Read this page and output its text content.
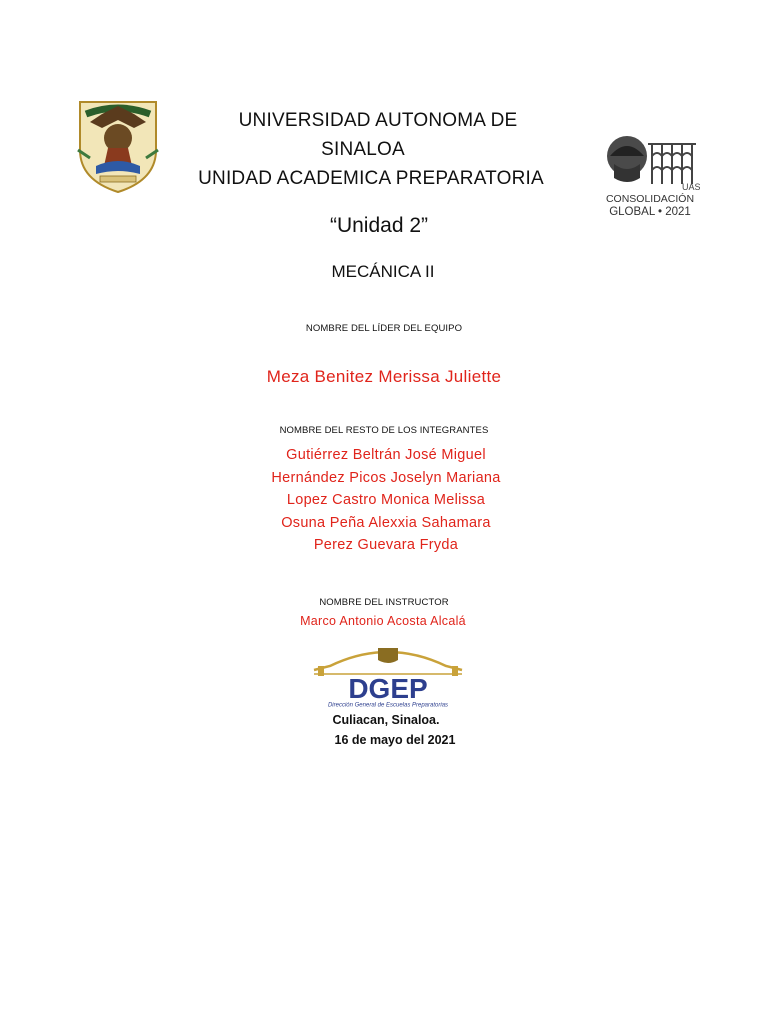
UNIVERSIDAD AUTONOMA DE
SINALOA
UNIDAD ACADEMICA PREPARATORIA	UAS
CONSOLIDACIÓN
GLOBAL • 2021
“Unidad 2”
MECÁNICA II
NOMBRE DEL LÍDER DEL EQUIPO
Meza Benitez Merissa Juliette
NOMBRE DEL RESTO DE LOS INTEGRANTES
Gutiérrez Beltrán José Miguel
Hernández Picos Joselyn Mariana
Lopez Castro Monica Melissa
Osuna Peña Alexxia Sahamara
Perez Guevara Fryda
NOMBRE DEL INSTRUCTOR
Marco Antonio Acosta Alcalá
DGEP
Dirección General de Escuelas Preparatorias
Culiacan, Sinaloa.
16 de mayo del 2021
